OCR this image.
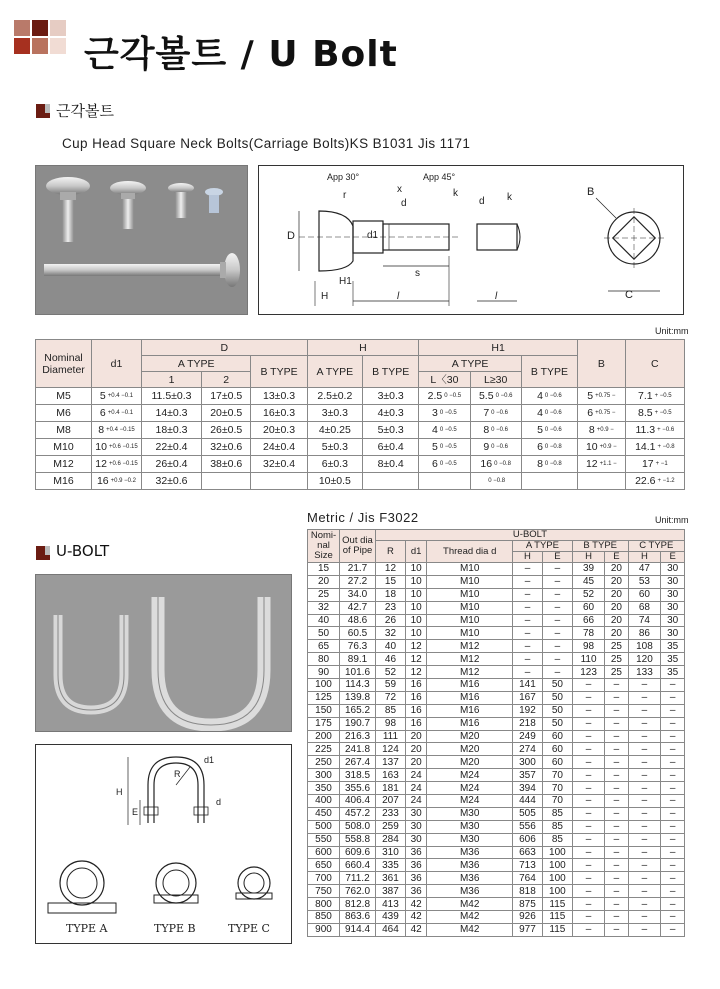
근각볼트 / U Bolt
근각볼트
Cup Head Square Neck Bolts(Carriage Bolts)KS B1031 Jis 1171
App 30°	App 45°
r
x
d
k	k
d
D	d1
s
H
H1
l	l
B
C
Unit:mm
Nominal Diameter	d1	D			H		H1			B	C
		A TYPE		B TYPE	A TYPE	B TYPE	A TYPE		B TYPE		
		1	2				L〈30	L≥30			
M5	5 +0.4 −0.1	11.5±0.3	17±0.5	13±0.3	2.5±0.2	3±0.3	2.5 0 −0.5	5.5 0 −0.6	4 0 −0.6	5 +0.75 −	7.1 + −0.5
M6	6 +0.4 −0.1	14±0.3	20±0.5	16±0.3	3±0.3	4±0.3	3 0 −0.5	7 0 −0.6	4 0 −0.6	6 +0.75 −	8.5 + −0.5
M8	8 +0.4 −0.15	18±0.3	26±0.5	20±0.3	4±0.25	5±0.3	4 0 −0.5	8 0 −0.6	5 0 −0.6	8 +0.9 −	11.3 + −0.6
M10	10 +0.6 −0.15	22±0.4	32±0.6	24±0.4	5±0.3	6±0.4	5 0 −0.5	9 0 −0.6	6 0 −0.8	10 +0.9 −	14.1 + −0.8
M12	12 +0.6 −0.15	26±0.4	38±0.6	32±0.4	6±0.3	8±0.4	6 0 −0.5	16 0 −0.8	8 0 −0.8	12 +1.1 −	17 + −1
M16	16 +0.9 −0.2	32±0.6			10±0.5			0 −0.8			22.6 + −1.2
U-BOLT
Metric / Jis F3022	Unit:mm
H
E
R
d1
d
TYPE A	TYPE B	TYPE C
Nomi- nal Size	Out dia of Pipe	U-BOLT								
		R	d1	Thread dia d	A TYPE		B TYPE		C TYPE	
					H	E	H	E	H	E
15	21.7	12	10	M10	–	–	39	20	47	30
20	27.2	15	10	M10	–	–	45	20	53	30
25	34.0	18	10	M10	–	–	52	20	60	30
32	42.7	23	10	M10	–	–	60	20	68	30
40	48.6	26	10	M10	–	–	66	20	74	30
50	60.5	32	10	M10	–	–	78	20	86	30
65	76.3	40	12	M12	–	–	98	25	108	35
80	89.1	46	12	M12	–	–	110	25	120	35
90	101.6	52	12	M12	–	–	123	25	133	35
100	114.3	59	16	M16	141	50	–	–	–	–
125	139.8	72	16	M16	167	50	–	–	–	–
150	165.2	85	16	M16	192	50	–	–	–	–
175	190.7	98	16	M16	218	50	–	–	–	–
200	216.3	111	20	M20	249	60	–	–	–	–
225	241.8	124	20	M20	274	60	–	–	–	–
250	267.4	137	20	M20	300	60	–	–	–	–
300	318.5	163	24	M24	357	70	–	–	–	–
350	355.6	181	24	M24	394	70	–	–	–	–
400	406.4	207	24	M24	444	70	–	–	–	–
450	457.2	233	30	M30	505	85	–	–	–	–
500	508.0	259	30	M30	556	85	–	–	–	–
550	558.8	284	30	M30	606	85	–	–	–	–
600	609.6	310	36	M36	663	100	–	–	–	–
650	660.4	335	36	M36	713	100	–	–	–	–
700	711.2	361	36	M36	764	100	–	–	–	–
750	762.0	387	36	M36	818	100	–	–	–	–
800	812.8	413	42	M42	875	115	–	–	–	–
850	863.6	439	42	M42	926	115	–	–	–	–
900	914.4	464	42	M42	977	115	–	–	–	–
